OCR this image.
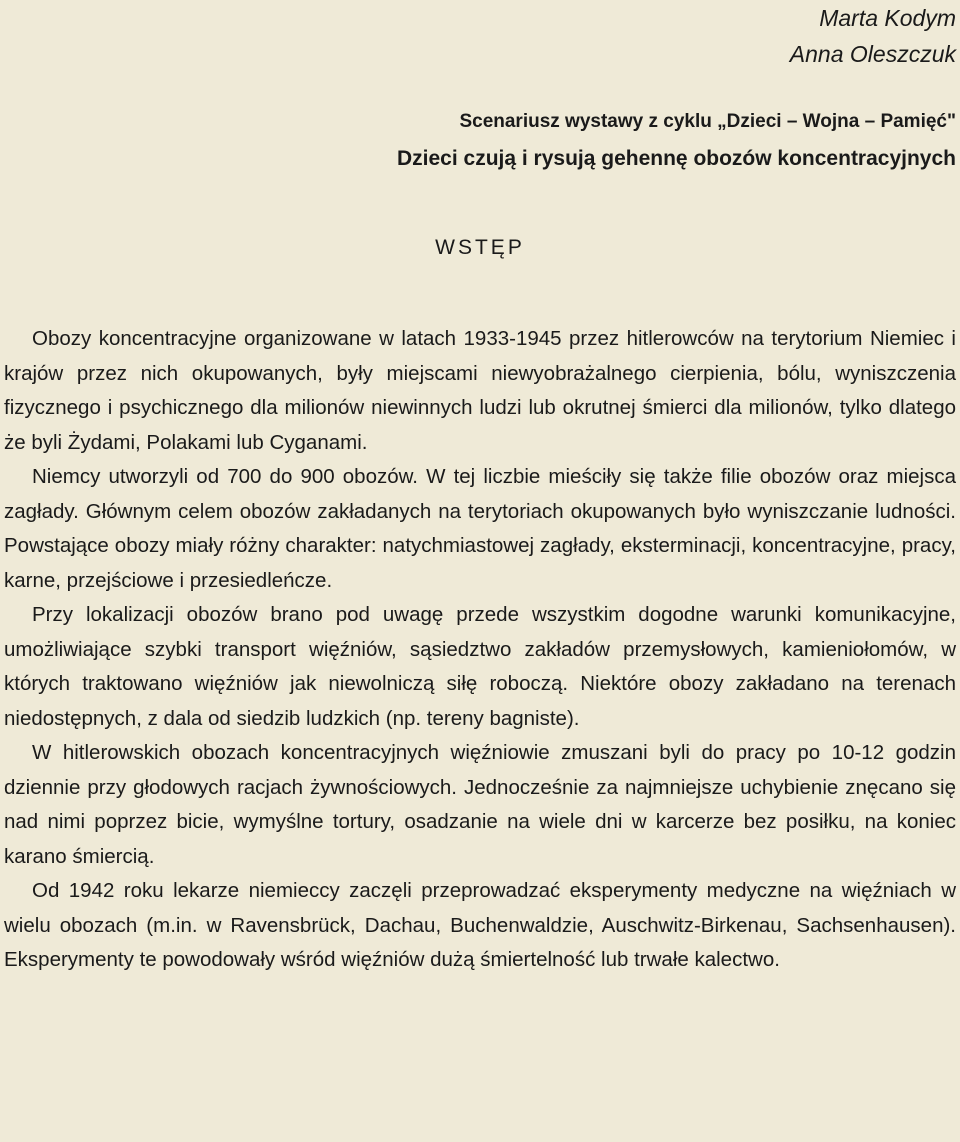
Marta Kodym
Anna Oleszczuk
Scenariusz wystawy z cyklu „Dzieci – Wojna – Pamięć"
Dzieci czują i rysują gehennę obozów koncentracyjnych
WSTĘP

Obozy koncentracyjne organizowane w latach 1933-1945 przez hitlerowców na terytorium Niemiec i krajów przez nich okupowanych, były miejscami niewyobrażalnego cierpienia, bólu, wyniszczenia fizycznego i psychicznego dla milionów niewinnych ludzi lub okrutnej śmierci dla milionów, tylko dlatego że byli Żydami, Polakami lub Cyganami.

Niemcy utworzyli od 700 do 900 obozów. W tej liczbie mieściły się także filie obozów oraz miejsca zagłady. Głównym celem obozów zakładanych na terytoriach okupowanych było wyniszczanie ludności. Powstające obozy miały różny charakter: natychmiastowej zagłady, eksterminacji, koncentracyjne, pracy, karne, przejściowe i przesiedleńcze.

Przy lokalizacji obozów brano pod uwagę przede wszystkim dogodne warunki komunikacyjne, umożliwiające szybki transport więźniów, sąsiedztwo zakładów przemysłowych, kamieniołomów, w których traktowano więźniów jak niewolniczą siłę roboczą. Niektóre obozy zakładano na terenach niedostępnych, z dala od siedzib ludzkich (np. tereny bagniste).

W hitlerowskich obozach koncentracyjnych więźniowie zmuszani byli do pracy po 10-12 godzin dziennie przy głodowych racjach żywnościowych. Jednocześnie za najmniejsze uchybienie znęcano się nad nimi poprzez bicie, wymyślne tortury, osadzanie na wiele dni w karcerze bez posiłku, na koniec karano śmiercią.

Od 1942 roku lekarze niemieccy zaczęli przeprowadzać eksperymenty medyczne na więźniach w wielu obozach (m.in. w Ravensbrück, Dachau, Buchenwaldzie, Auschwitz-Birkenau, Sachsenhausen). Eksperymenty te powodowały wśród więźniów dużą śmiertelność lub trwałe kalectwo.
